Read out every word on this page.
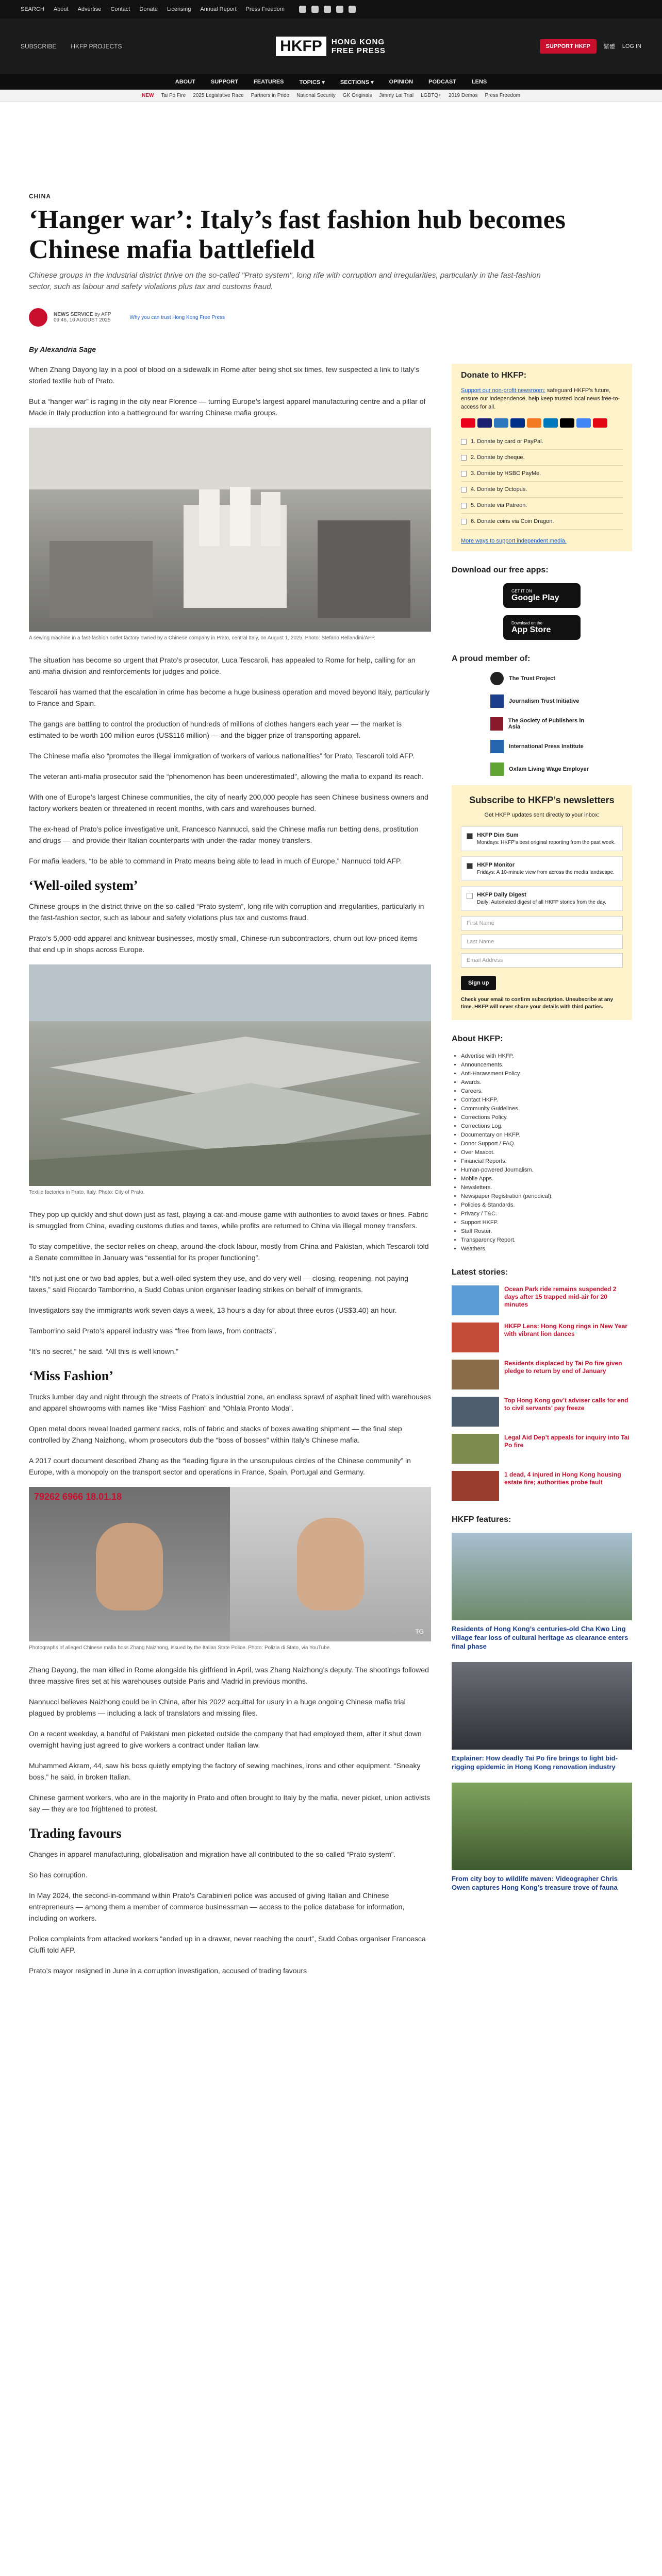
SEARCH About Advertise Contact Donate Licensing Annual Report Press Freedom
SUBSCRIBE HKFP PROJECTS	HKFP	HONG KONG
FREE PRESS	SUPPORT HKFP	繁體 LOG IN
ABOUT	SUPPORT	FEATURES	TOPICS ▾	SECTIONS ▾	OPINION	PODCAST	LENS
NEW Tai Po Fire 2025 Legislative Race Partners in Pride National Security GK Originals Jimmy Lai Trial LGBTQ+ 2019 Demos Press Freedom
CHINA
‘Hanger war’: Italy’s fast fashion hub becomes Chinese mafia battlefield
Chinese groups in the industrial district thrive on the so-called "Prato system", long rife with corruption and irregularities, particularly in the fast-fashion sector, such as labour and safety violations plus tax and customs fraud.
NEWS SERVICE by AFP
09:46, 10 AUGUST 2025	Why you can trust Hong Kong Free Press
By Alexandria Sage

When Zhang Dayong lay in a pool of blood on a sidewalk in Rome after being shot six times, few suspected a link to Italy’s storied textile hub of Prato.

But a “hanger war” is raging in the city near Florence — turning Europe’s largest apparel manufacturing centre and a pillar of Made in Italy production into a battleground for warring Chinese mafia groups.

A sewing machine in a fast-fashion outlet factory owned by a Chinese company in Prato, central Italy, on August 1, 2025. Photo: Stefano Rellandini/AFP.

The situation has become so urgent that Prato’s prosecutor, Luca Tescaroli, has appealed to Rome for help, calling for an anti-mafia division and reinforcements for judges and police.

Tescaroli has warned that the escalation in crime has become a huge business operation and moved beyond Italy, particularly to France and Spain.

The gangs are battling to control the production of hundreds of millions of clothes hangers each year — the market is estimated to be worth 100 million euros (US$116 million) — and the bigger prize of transporting apparel.

The Chinese mafia also “promotes the illegal immigration of workers of various nationalities” for Prato, Tescaroli told AFP.

The veteran anti-mafia prosecutor said the “phenomenon has been underestimated”, allowing the mafia to expand its reach.

With one of Europe’s largest Chinese communities, the city of nearly 200,000 people has seen Chinese business owners and factory workers beaten or threatened in recent months, with cars and warehouses burned.

The ex-head of Prato’s police investigative unit, Francesco Nannucci, said the Chinese mafia run betting dens, prostitution and drugs — and provide their Italian counterparts with under-the-radar money transfers.

For mafia leaders, “to be able to command in Prato means being able to lead in much of Europe,” Nannucci told AFP.

‘Well-oiled system’

Chinese groups in the district thrive on the so-called “Prato system”, long rife with corruption and irregularities, particularly in the fast-fashion sector, such as labour and safety violations plus tax and customs fraud.

Prato’s 5,000-odd apparel and knitwear businesses, mostly small, Chinese-run subcontractors, churn out low-priced items that end up in shops across Europe.

Textile factories in Prato, Italy. Photo: City of Prato.

They pop up quickly and shut down just as fast, playing a cat-and-mouse game with authorities to avoid taxes or fines. Fabric is smuggled from China, evading customs duties and taxes, while profits are returned to China via illegal money transfers.

To stay competitive, the sector relies on cheap, around-the-clock labour, mostly from China and Pakistan, which Tescaroli told a Senate committee in January was “essential for its proper functioning”.

“It’s not just one or two bad apples, but a well-oiled system they use, and do very well — closing, reopening, not paying taxes,” said Riccardo Tamborrino, a Sudd Cobas union organiser leading strikes on behalf of immigrants.

Investigators say the immigrants work seven days a week, 13 hours a day for about three euros (US$3.40) an hour.

Tamborrino said Prato’s apparel industry was “free from laws, from contracts”.

“It’s no secret,” he said. “All this is well known.”

‘Miss Fashion’

Trucks lumber day and night through the streets of Prato’s industrial zone, an endless sprawl of asphalt lined with warehouses and apparel showrooms with names like “Miss Fashion” and “Ohlala Pronto Moda”.

Open metal doors reveal loaded garment racks, rolls of fabric and stacks of boxes awaiting shipment — the final step controlled by Zhang Naizhong, whom prosecutors dub the “boss of bosses” within Italy’s Chinese mafia.

A 2017 court document described Zhang as the “leading figure in the unscrupulous circles of the Chinese community” in Europe, with a monopoly on the transport sector and operations in France, Spain, Portugal and Germany.

79262 6966 18.01.18
TG
Photographs of alleged Chinese mafia boss Zhang Naizhong, issued by the Italian State Police. Photo: Polizia di Stato, via YouTube.

Zhang Dayong, the man killed in Rome alongside his girlfriend in April, was Zhang Naizhong’s deputy. The shootings followed three massive fires set at his warehouses outside Paris and Madrid in previous months.

Nannucci believes Naizhong could be in China, after his 2022 acquittal for usury in a huge ongoing Chinese mafia trial plagued by problems — including a lack of translators and missing files.

On a recent weekday, a handful of Pakistani men picketed outside the company that had employed them, after it shut down overnight having just agreed to give workers a contract under Italian law.

Muhammed Akram, 44, saw his boss quietly emptying the factory of sewing machines, irons and other equipment. “Sneaky boss,” he said, in broken Italian.

Chinese garment workers, who are in the majority in Prato and often brought to Italy by the mafia, never picket, union activists say — they are too frightened to protest.

Trading favours

Changes in apparel manufacturing, globalisation and migration have all contributed to the so-called “Prato system”.

So has corruption.

In May 2024, the second-in-command within Prato’s Carabinieri police was accused of giving Italian and Chinese entrepreneurs — among them a member of commerce businessman — access to the police database for information, including on workers.

Police complaints from attacked workers “ended up in a drawer, never reaching the court”, Sudd Cobas organiser Francesca Ciuffi told AFP.

Prato’s mayor resigned in June in a corruption investigation, accused of trading favours

Donate to HKFP:
Support our non-profit newsroom: safeguard HKFP’s future, ensure our independence, help keep trusted local news free-to-access for all.
1. Donate by card or PayPal.
2. Donate by cheque.
3. Donate by HSBC PayMe.
4. Donate by Octopus.
5. Donate via Patreon.
6. Donate coins via Coin Dragon.
More ways to support independent media.
Download our free apps:
GET IT ON
Google Play
Download on the
App Store
A proud member of:
The Trust Project
Journalism Trust Initiative
The Society of Publishers in Asia
International Press Institute
Oxfam Living Wage Employer
Subscribe to HKFP’s newsletters
Get HKFP updates sent directly to your inbox:
HKFP Dim Sum
Mondays: HKFP's best original reporting from the past week.
HKFP Monitor
Fridays: A 10-minute view from across the media landscape.
HKFP Daily Digest
Daily: Automated digest of all HKFP stories from the day.
First Name
Last Name
Email Address
Sign up
Check your email to confirm subscription. Unsubscribe at any time. HKFP will never share your details with third parties.
About HKFP:
• Advertise with HKFP.
• Announcements.
• Anti-Harassment Policy.
• Awards.
• Careers.
• Contact HKFP.
• Community Guidelines.
• Corrections Policy.
• Corrections Log.
• Documentary on HKFP.
• Donor Support / FAQ.
• Over Mascot.
• Financial Reports.
• Human-powered Journalism.
• Mobile Apps.
• Newsletters.
• Newspaper Registration (periodical).
• Policies & Standards.
• Privacy / T&C.
• Support HKFP.
• Staff Roster.
• Transparency Report.
• Weathers.
Latest stories:
Ocean Park ride remains suspended 2 days after 15 trapped mid-air for 20 minutes
HKFP Lens: Hong Kong rings in New Year with vibrant lion dances
Residents displaced by Tai Po fire given pledge to return by end of January
Top Hong Kong gov’t adviser calls for end to civil servants’ pay freeze
Legal Aid Dep’t appeals for inquiry into Tai Po fire
1 dead, 4 injured in Hong Kong housing estate fire; authorities probe fault
HKFP features:
Residents of Hong Kong’s centuries-old Cha Kwo Ling village fear loss of cultural heritage as clearance enters final phase
Explainer: How deadly Tai Po fire brings to light bid-rigging epidemic in Hong Kong renovation industry
From city boy to wildlife maven: Videographer Chris Owen captures Hong Kong’s treasure trove of fauna
